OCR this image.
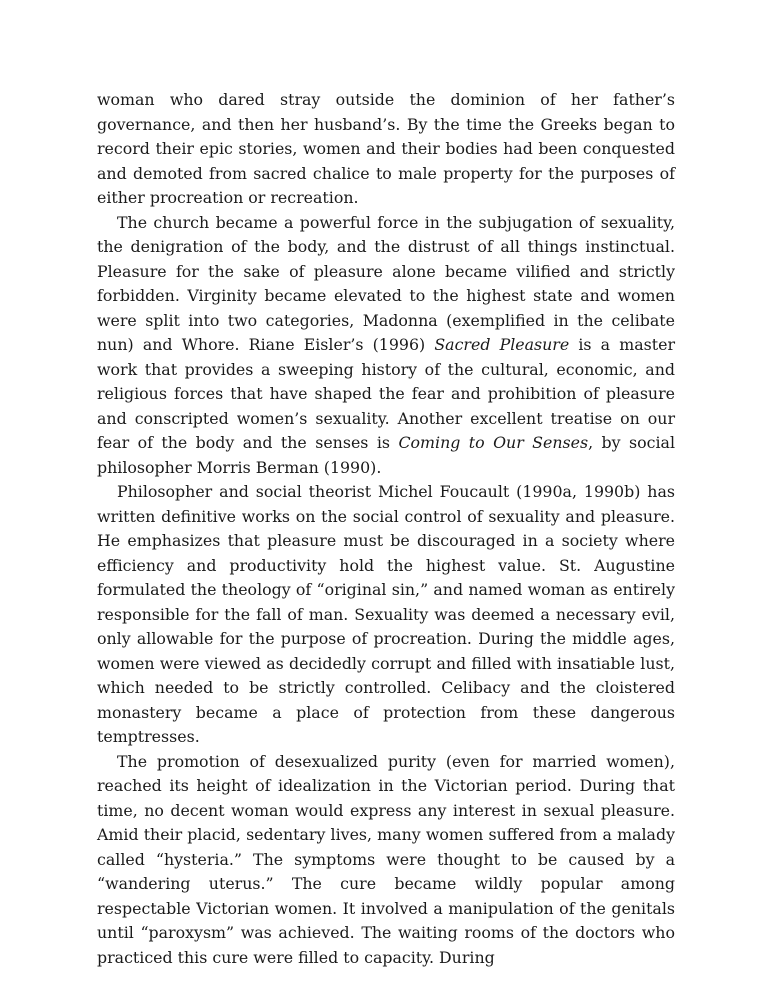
woman who dared stray outside the dominion of her father’s governance, and then her husband’s. By the time the Greeks began to record their epic stories, women and their bodies had been conquested and demoted from sacred chalice to male property for the purposes of either procreation or recreation.

The church became a powerful force in the subjugation of sexuality, the denigration of the body, and the distrust of all things instinctual. Pleasure for the sake of pleasure alone became vilified and strictly forbidden. Virginity became elevated to the highest state and women were split into two categories, Madonna (exemplified in the celibate nun) and Whore. Riane Eisler’s (1996) Sacred Pleasure is a master work that provides a sweeping history of the cultural, economic, and religious forces that have shaped the fear and prohibition of pleasure and conscripted women’s sexuality. Another excellent treatise on our fear of the body and the senses is Coming to Our Senses, by social philosopher Morris Berman (1990).

Philosopher and social theorist Michel Foucault (1990a, 1990b) has written definitive works on the social control of sexuality and pleasure. He emphasizes that pleasure must be discouraged in a society where efficiency and productivity hold the highest value. St. Augustine formulated the theology of “original sin,” and named woman as entirely responsible for the fall of man. Sexuality was deemed a necessary evil, only allowable for the purpose of procreation. During the middle ages, women were viewed as decidedly corrupt and filled with insatiable lust, which needed to be strictly controlled. Celibacy and the cloistered monastery became a place of protection from these dangerous temptresses.

The promotion of desexualized purity (even for married women), reached its height of idealization in the Victorian period. During that time, no decent woman would express any interest in sexual pleasure. Amid their placid, sedentary lives, many women suffered from a malady called “hysteria.” The symptoms were thought to be caused by a “wandering uterus.” The cure became wildly popular among respectable Victorian women. It involved a manipulation of the genitals until “paroxysm” was achieved. The waiting rooms of the doctors who practiced this cure were filled to capacity. During
